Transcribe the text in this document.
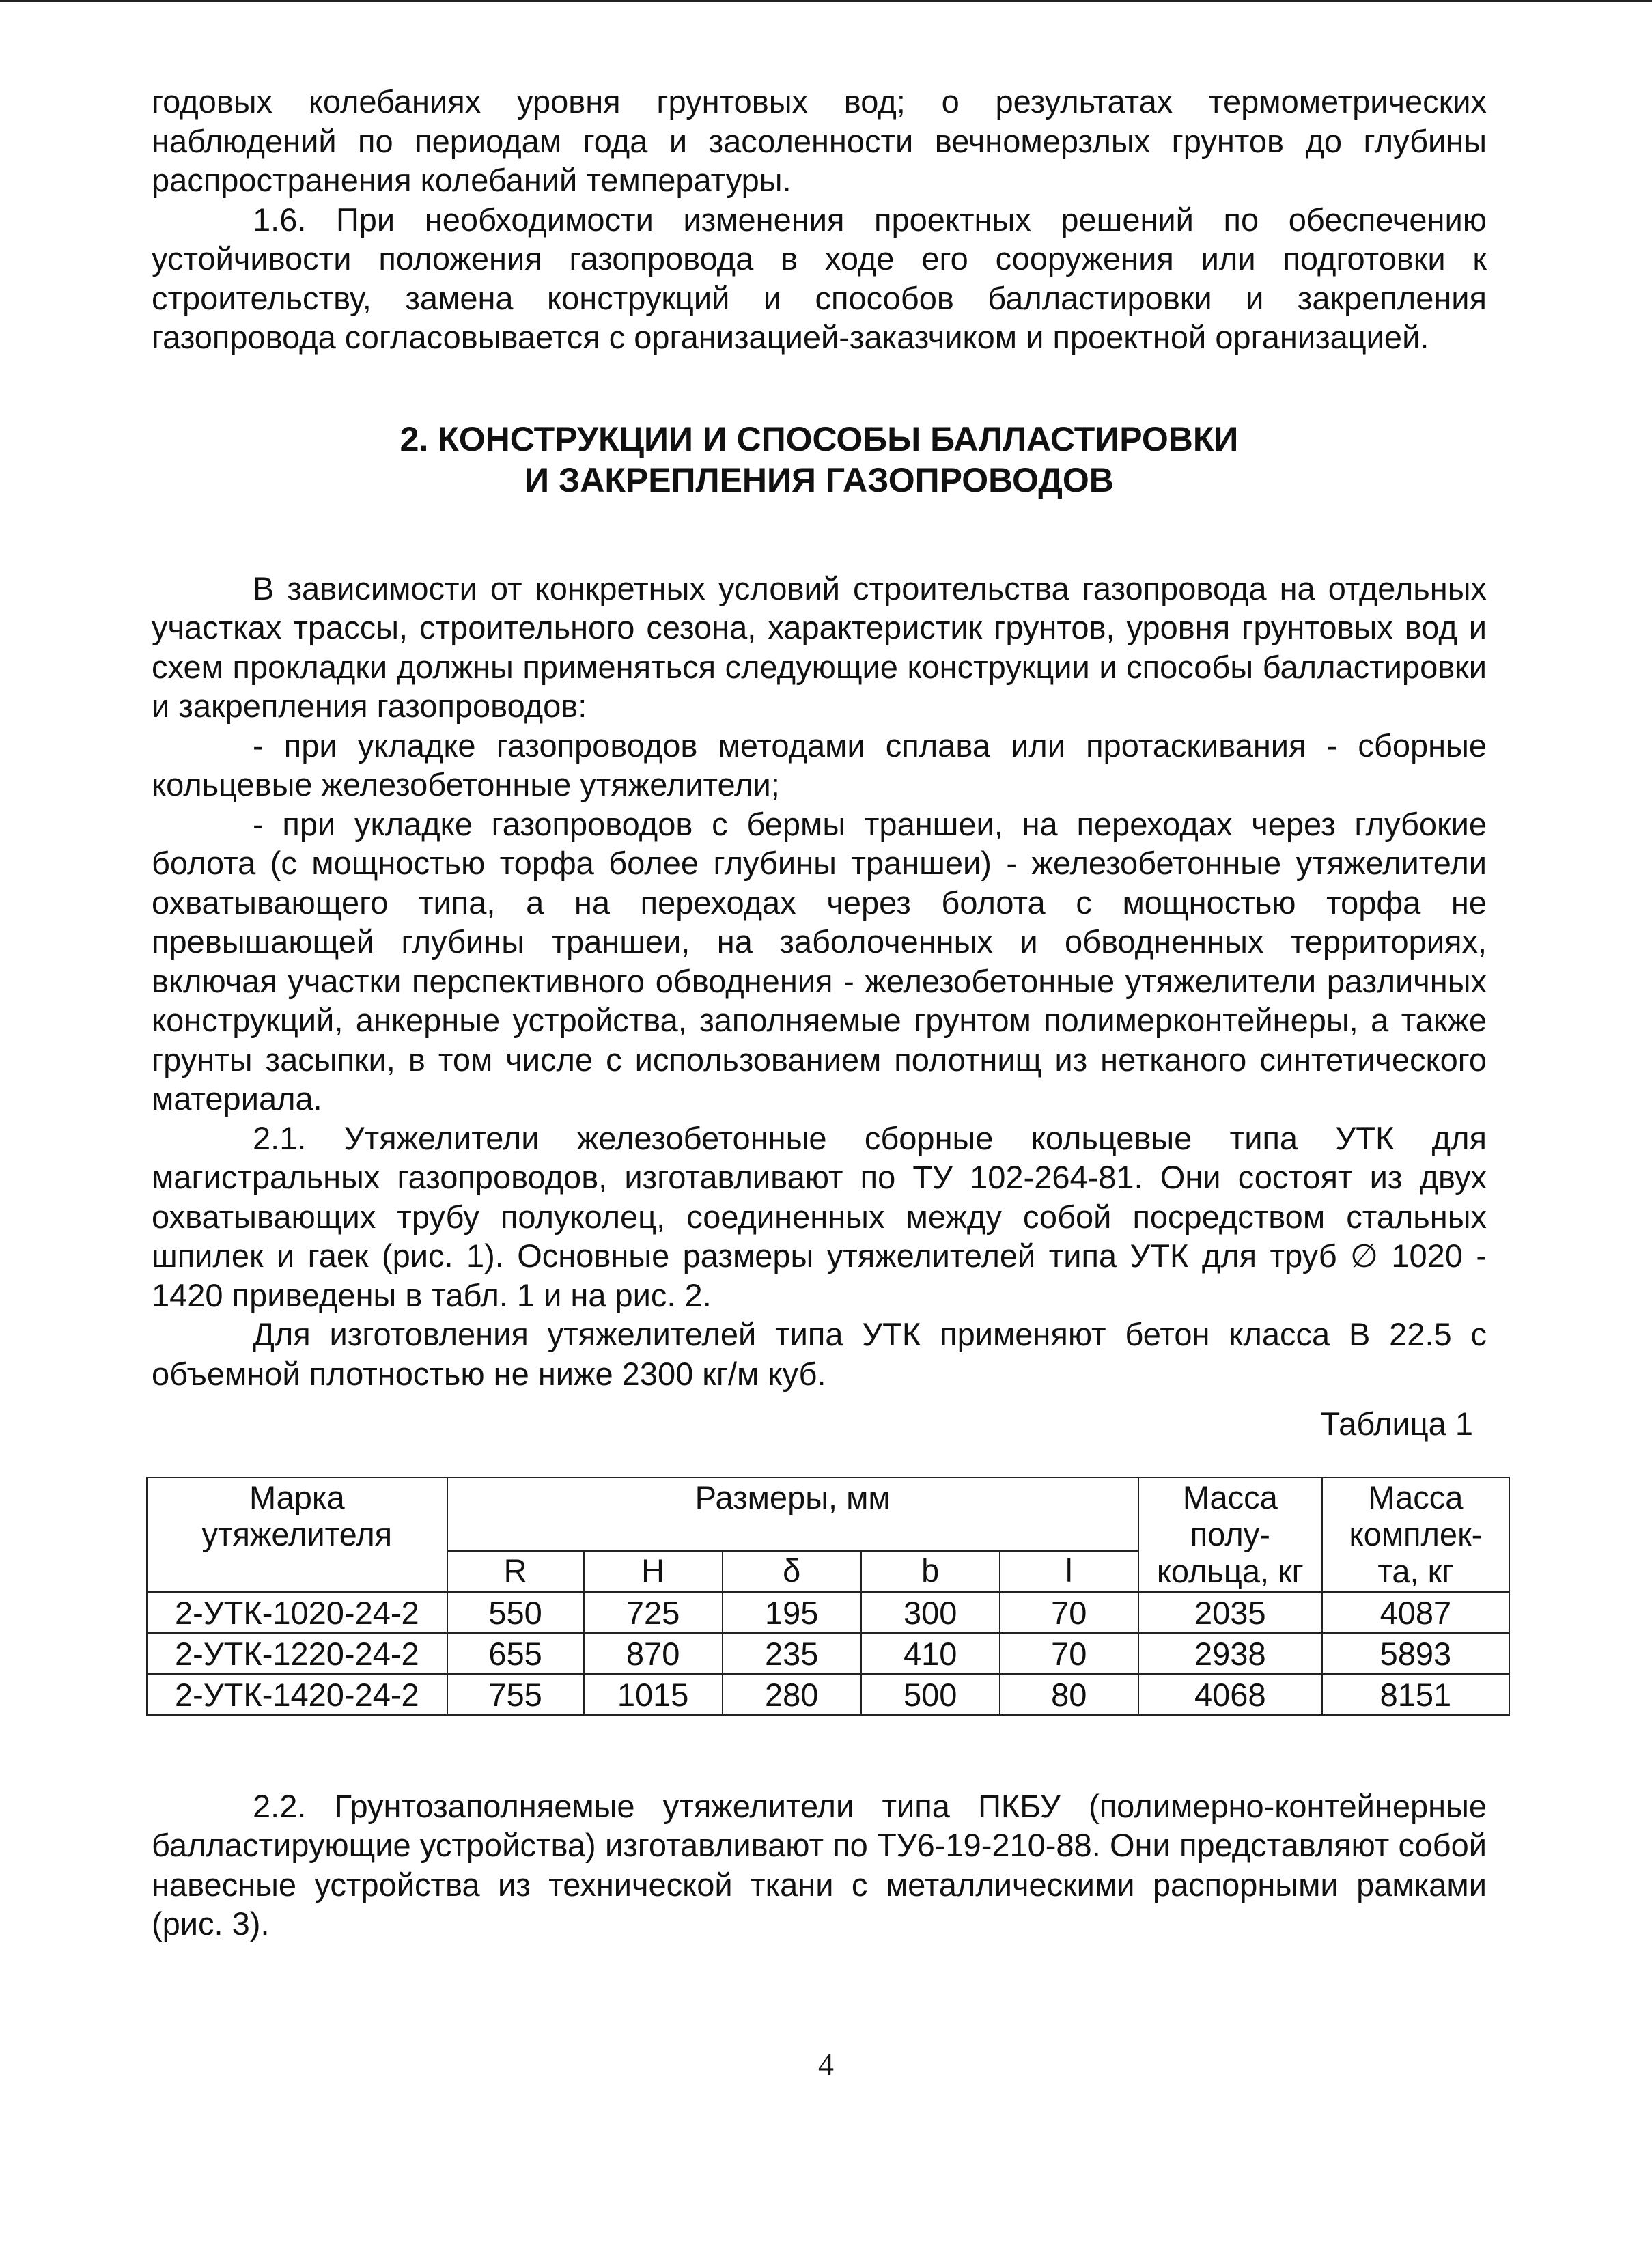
годовых колебаниях уровня грунтовых вод; о результатах термометрических наблюдений по периодам года и засоленности вечномерзлых грунтов до глубины распространения колебаний температуры.

1.6. При необходимости изменения проектных решений по обеспечению устойчивости положения газопровода в ходе его сооружения или подготовки к строительству, замена конструкций и способов балластировки и закрепления газопровода согласовывается с организацией-заказчиком и проектной организацией.

2. КОНСТРУКЦИИ И СПОСОБЫ БАЛЛАСТИРОВКИ
И ЗАКРЕПЛЕНИЯ ГАЗОПРОВОДОВ

В зависимости от конкретных условий строительства газопровода на отдельных участках трассы, строительного сезона, характеристик грунтов, уровня грунтовых вод и схем прокладки должны применяться следующие конструкции и способы балластировки и закрепления газопроводов:

- при укладке газопроводов методами сплава или протаскивания - сборные кольцевые железобетонные утяжелители;

- при укладке газопроводов с бермы траншеи, на переходах через глубокие болота (с мощностью торфа более глубины траншеи) - железобетонные утяжелители охватывающего типа, а на переходах через болота с мощностью торфа не превышающей глубины траншеи, на заболоченных и обводненных территориях, включая участки перспективного обводнения - железобетонные утяжелители различных конструкций, анкерные устройства, заполняемые грунтом полимерконтейнеры, а также грунты засыпки, в том числе с использованием полотнищ из нетканого синтетического материала.

2.1. Утяжелители железобетонные сборные кольцевые типа УТК для магистральных газопроводов, изготавливают по ТУ 102-264-81. Они состоят из двух охватывающих трубу полуколец, соединенных между собой посредством стальных шпилек и гаек (рис. 1). Основные размеры утяжелителей типа УТК для труб ∅ 1020 - 1420 приведены в табл. 1 и на рис. 2.

Для изготовления утяжелителей типа УТК применяют бетон класса В 22.5 с объемной плотностью не ниже 2300 кг/м куб.

Таблица 1
Марка утяжелителя	Размеры, мм					Масса полу- кольца, кг	Масса комплек- та, кг
	R	H	δ	b	l		
2-УТК-1020-24-2	550	725	195	300	70	2035	4087
2-УТК-1220-24-2	655	870	235	410	70	2938	5893
2-УТК-1420-24-2	755	1015	280	500	80	4068	8151

2.2. Грунтозаполняемые утяжелители типа ПКБУ (полимерно-контейнерные балластирующие устройства) изготавливают по ТУ6-19-210-88. Они представляют собой навесные устройства из технической ткани с металлическими распорными рамками (рис. 3).

4
